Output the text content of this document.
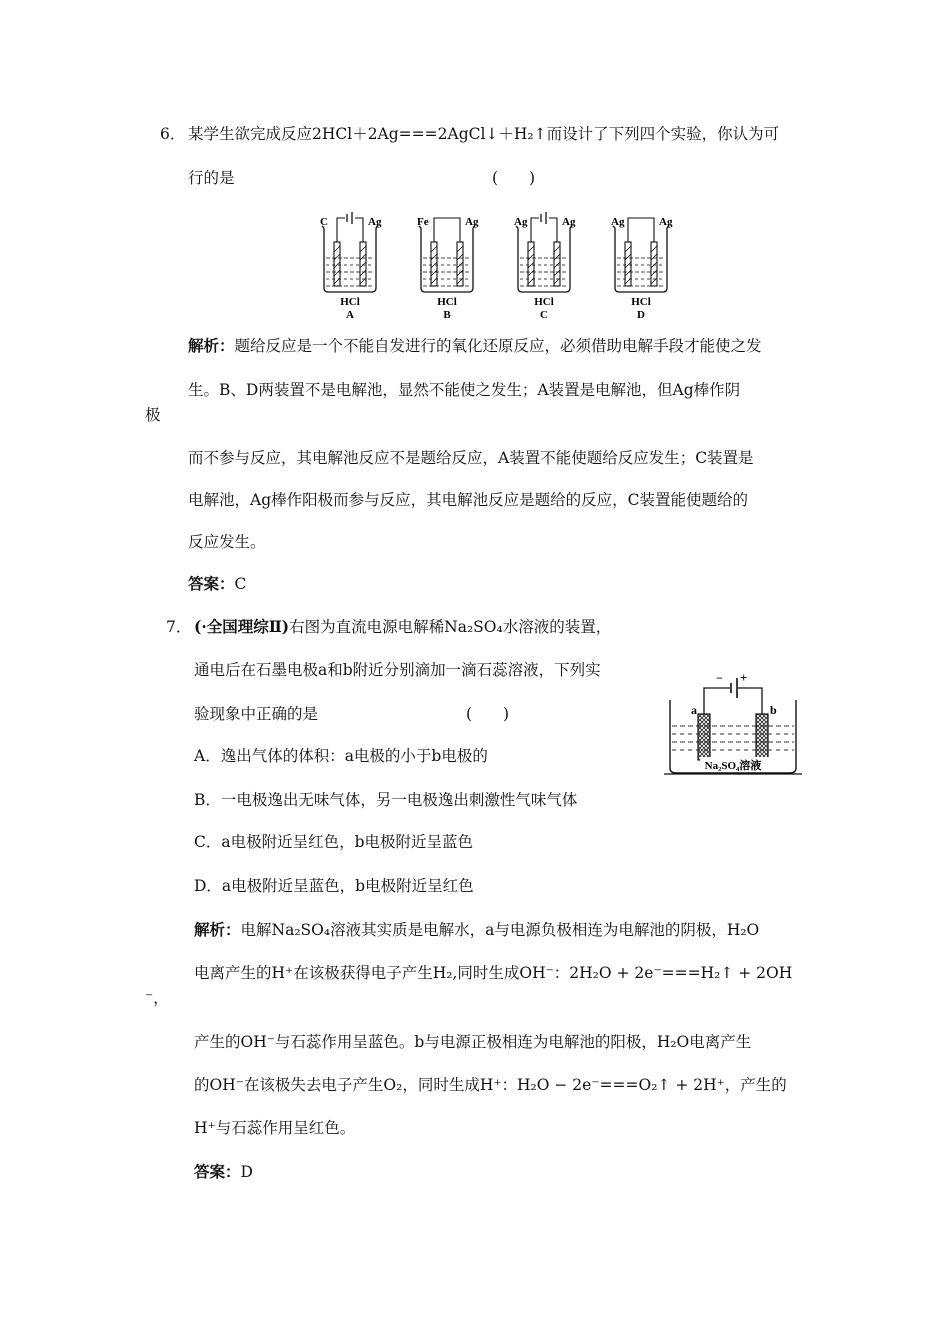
6． 某学生欲完成反应2HCl＋2Ag===2AgCl↓＋H₂↑而设计了下列四个实验，你认为可
行的是	(　　)
C	Ag
HCl
A
Fe	Ag
HCl
B
Ag	Ag
HCl
C
Ag	Ag
HCl
D
解析：题给反应是一个不能自发进行的氧化还原反应，必须借助电解手段才能使之发
生。B、D两装置不是电解池，显然不能使之发生；A装置是电解池，但Ag棒作阴
极
而不参与反应，其电解池反应不是题给反应，A装置不能使题给反应发生；C装置是
电解池，Ag棒作阳极而参与反应，其电解池反应是题给的反应，C装置能使题给的
反应发生。
答案：C
7． (·全国理综Ⅱ)右图为直流电源电解稀Na₂SO₄水溶液的装置，
通电后在石墨电极a和b附近分别滴加一滴石蕊溶液，下列实
验现象中正确的是	(　　)
− +
a	b
Na₂SO₄溶液
A．逸出气体的体积：a电极的小于b电极的
B．一电极逸出无味气体，另一电极逸出刺激性气味气体
C．a电极附近呈红色，b电极附近呈蓝色
D．a电极附近呈蓝色，b电极附近呈红色
解析：电解Na₂SO₄溶液其实质是电解水，a与电源负极相连为电解池的阴极，H₂O
电离产生的H⁺在该极获得电子产生H₂,同时生成OH⁻：2H₂O + 2e⁻===H₂↑ + 2OH
⁻，
产生的OH⁻与石蕊作用呈蓝色。b与电源正极相连为电解池的阳极，H₂O电离产生
的OH⁻在该极失去电子产生O₂，同时生成H⁺：H₂O − 2e⁻===O₂↑ + 2H⁺，产生的
H⁺与石蕊作用呈红色。
答案：D
